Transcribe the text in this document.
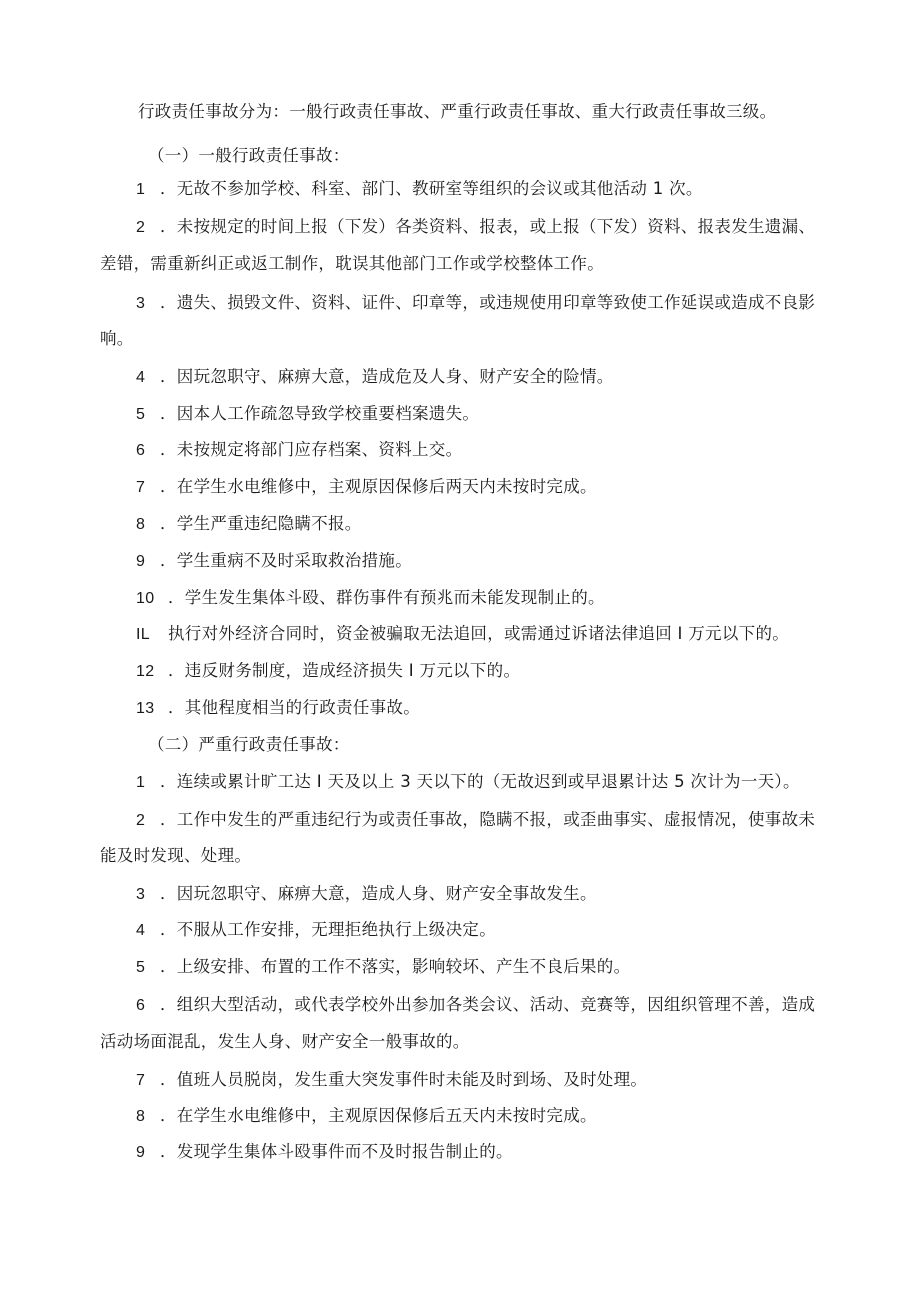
行政责任事故分为：一般行政责任事故、严重行政责任事故、重大行政责任事故三级。
（一）一般行政责任事故：
1 ．无故不参加学校、科室、部门、教研室等组织的会议或其他活动 1 次。
2 ．未按规定的时间上报（下发）各类资料、报表，或上报（下发）资料、报表发生遗漏、
差错，需重新纠正或返工制作，耽误其他部门工作或学校整体工作。
3 ．遗失、损毁文件、资料、证件、印章等，或违规使用印章等致使工作延误或造成不良影
响。
4 ．因玩忽职守、麻痹大意，造成危及人身、财产安全的险情。
5 ．因本人工作疏忽导致学校重要档案遗失。
6 ．未按规定将部门应存档案、资料上交。
7 ．在学生水电维修中，主观原因保修后两天内未按时完成。
8 ．学生严重违纪隐瞒不报。
9 ．学生重病不及时采取救治措施。
10 ．学生发生集体斗殴、群伤事件有预兆而未能发现制止的。
IL 执行对外经济合同时，资金被骗取无法追回，或需通过诉诸法律追回 I 万元以下的。
12 ．违反财务制度，造成经济损失 I 万元以下的。
13 ．其他程度相当的行政责任事故。
（二）严重行政责任事故：
1 ．连续或累计旷工达 I 天及以上 3 天以下的（无故迟到或早退累计达 5 次计为一天）。
2 ．工作中发生的严重违纪行为或责任事故，隐瞒不报，或歪曲事实、虚报情况，使事故未
能及时发现、处理。
3 ．因玩忽职守、麻痹大意，造成人身、财产安全事故发生。
4 ．不服从工作安排，无理拒绝执行上级决定。
5 ．上级安排、布置的工作不落实，影响较坏、产生不良后果的。
6 ．组织大型活动，或代表学校外出参加各类会议、活动、竞赛等，因组织管理不善，造成
活动场面混乱，发生人身、财产安全一般事故的。
7 ．值班人员脱岗，发生重大突发事件时未能及时到场、及时处理。
8 ．在学生水电维修中，主观原因保修后五天内未按时完成。
9 ．发现学生集体斗殴事件而不及时报告制止的。
